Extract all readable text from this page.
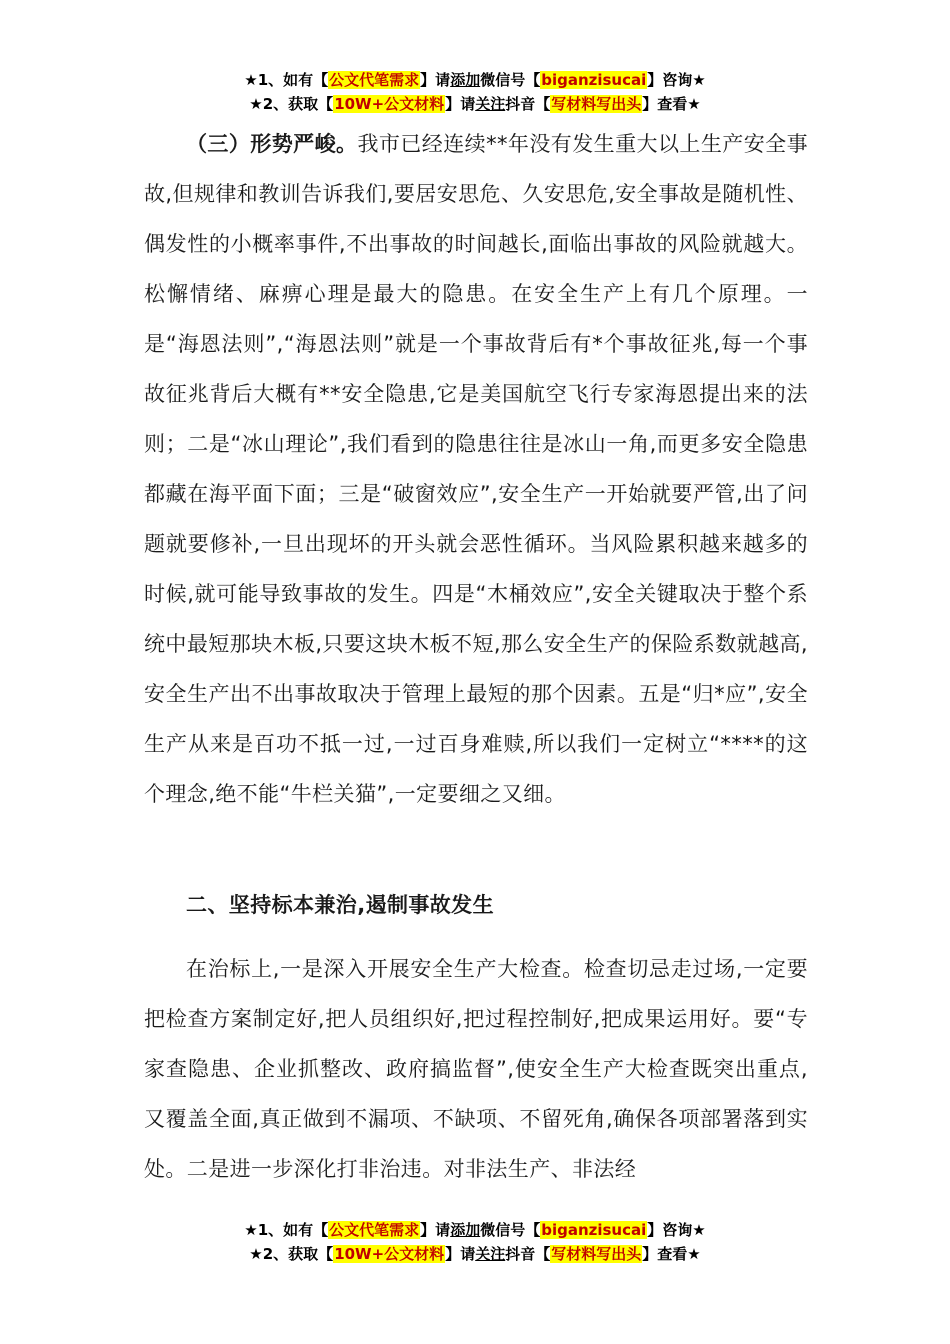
★1、如有【公文代笔需求】请添加微信号【biganzisucai】咨询★
★2、获取【10W+公文材料】请关注抖音【写材料写出头】查看★

（三）形势严峻。我市已经连续**年没有发生重大以上生产安全事故,但规律和教训告诉我们,要居安思危、久安思危,安全事故是随机性、偶发性的小概率事件,不出事故的时间越长,面临出事故的风险就越大。松懈情绪、麻痹心理是最大的隐患。在安全生产上有几个原理。一是“海恩法则”,“海恩法则”就是一个事故背后有*个事故征兆,每一个事故征兆背后大概有**安全隐患,它是美国航空飞行专家海恩提出来的法则；二是“冰山理论”,我们看到的隐患往往是冰山一角,而更多安全隐患都藏在海平面下面；三是“破窗效应”,安全生产一开始就要严管,出了问题就要修补,一旦出现坏的开头就会恶性循环。当风险累积越来越多的时候,就可能导致事故的发生。四是“木桶效应”,安全关键取决于整个系统中最短那块木板,只要这块木板不短,那么安全生产的保险系数就越高,安全生产出不出事故取决于管理上最短的那个因素。五是“归*应”,安全生产从来是百功不抵一过,一过百身难赎,所以我们一定树立“****的这个理念,绝不能“牛栏关猫”,一定要细之又细。

二、坚持标本兼治,遏制事故发生

在治标上,一是深入开展安全生产大检查。检查切忌走过场,一定要把检查方案制定好,把人员组织好,把过程控制好,把成果运用好。要“专家查隐患、企业抓整改、政府搞监督”,使安全生产大检查既突出重点,又覆盖全面,真正做到不漏项、不缺项、不留死角,确保各项部署落到实处。二是进一步深化打非治违。对非法生产、非法经

★1、如有【公文代笔需求】请添加微信号【biganzisucai】咨询★
★2、获取【10W+公文材料】请关注抖音【写材料写出头】查看★
